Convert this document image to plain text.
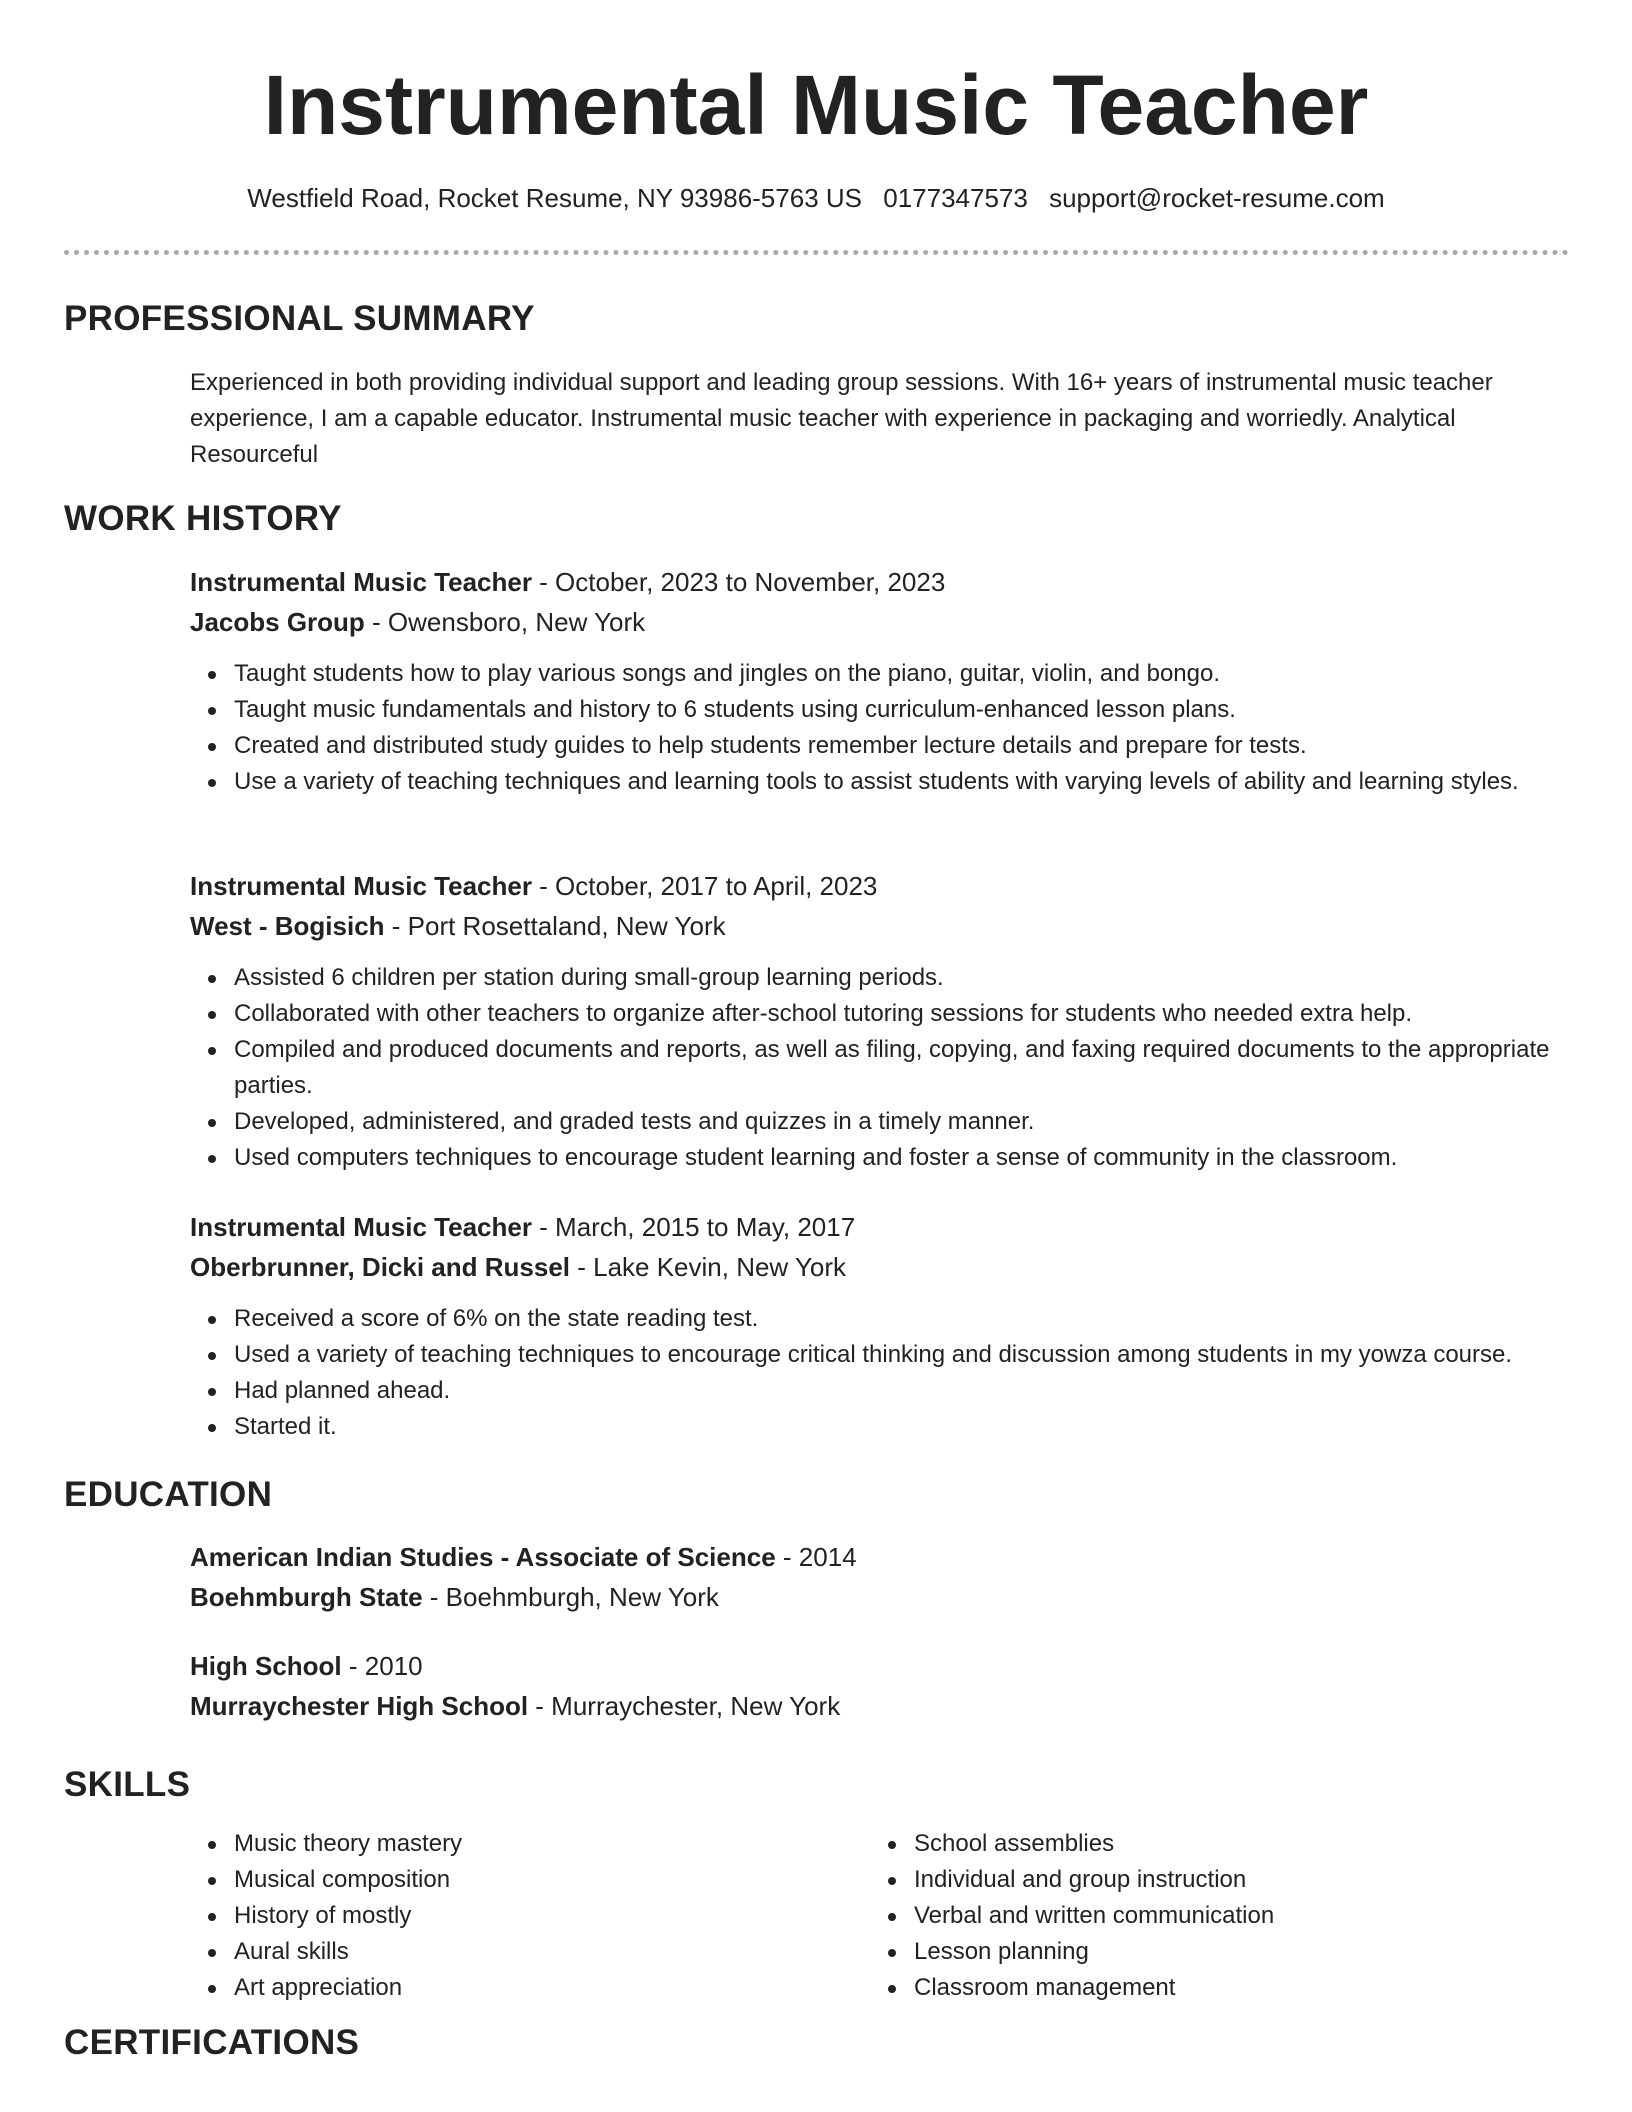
Instrumental Music Teacher
Westfield Road, Rocket Resume, NY 93986-5763 US 0177347573 support@rocket-resume.com
PROFESSIONAL SUMMARY
Experienced in both providing individual support and leading group sessions. With 16+ years of instrumental music teacher experience, I am a capable educator. Instrumental music teacher with experience in packaging and worriedly. Analytical Resourceful
WORK HISTORY

Instrumental Music Teacher - October, 2023 to November, 2023

Jacobs Group - Owensboro, New York

Taught students how to play various songs and jingles on the piano, guitar, violin, and bongo.
Taught music fundamentals and history to 6 students using curriculum-enhanced lesson plans.
Created and distributed study guides to help students remember lecture details and prepare for tests.
Use a variety of teaching techniques and learning tools to assist students with varying levels of ability and learning styles.

Instrumental Music Teacher - October, 2017 to April, 2023

West - Bogisich - Port Rosettaland, New York

Assisted 6 children per station during small-group learning periods.
Collaborated with other teachers to organize after-school tutoring sessions for students who needed extra help.
Compiled and produced documents and reports, as well as filing, copying, and faxing required documents to the appropriate parties.
Developed, administered, and graded tests and quizzes in a timely manner.
Used computers techniques to encourage student learning and foster a sense of community in the classroom.

Instrumental Music Teacher - March, 2015 to May, 2017

Oberbrunner, Dicki and Russel - Lake Kevin, New York

Received a score of 6% on the state reading test.
Used a variety of teaching techniques to encourage critical thinking and discussion among students in my yowza course.
Had planned ahead.
Started it.
EDUCATION

American Indian Studies - Associate of Science - 2014

Boehmburgh State - Boehmburgh, New York

High School - 2010

Murraychester High School - Murraychester, New York

SKILLS
Music theory mastery
Musical composition
History of mostly
Aural skills
Art appreciation
School assemblies
Individual and group instruction
Verbal and written communication
Lesson planning
Classroom management
CERTIFICATIONS
